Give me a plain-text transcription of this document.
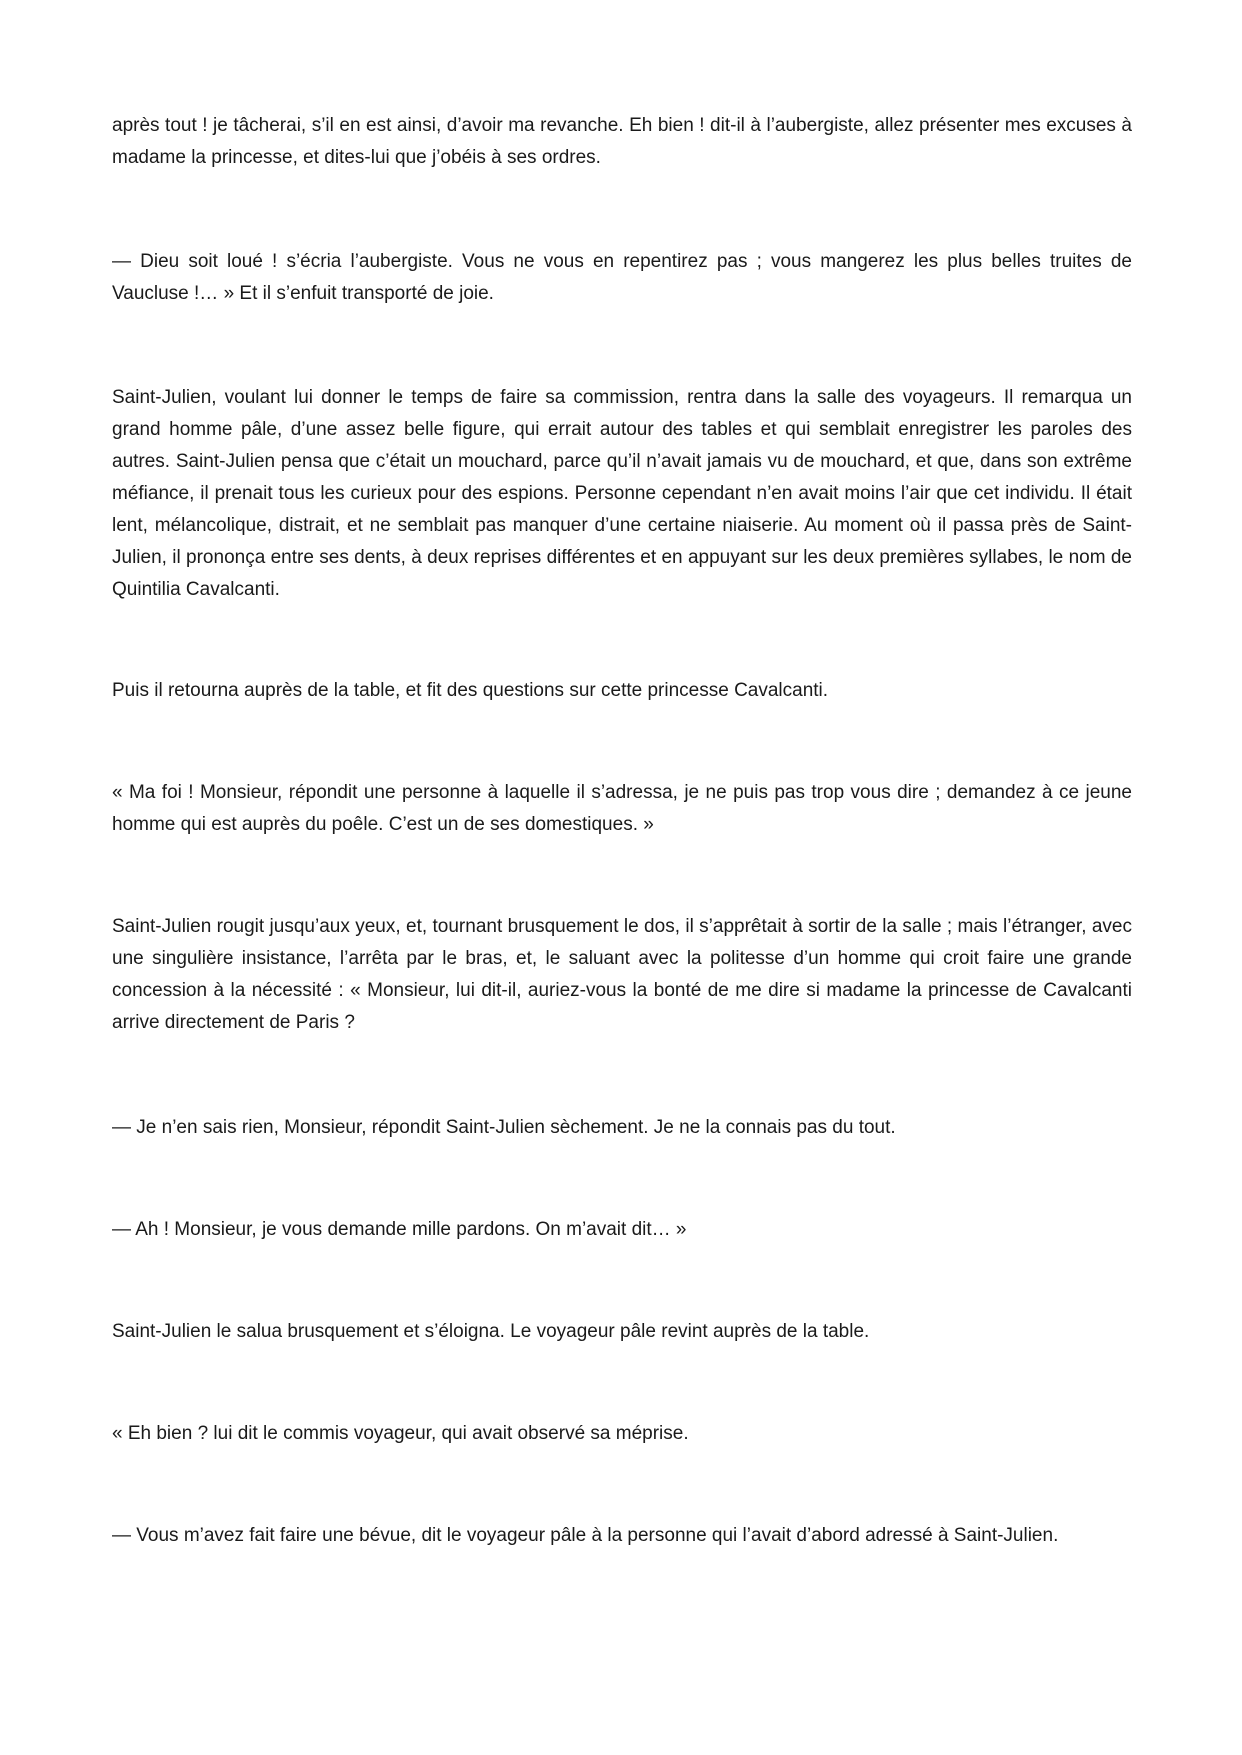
après tout ! je tâcherai, s’il en est ainsi, d’avoir ma revanche. Eh bien ! dit-il à l’aubergiste, allez présenter mes excuses à madame la princesse, et dites-lui que j’obéis à ses ordres.

— Dieu soit loué ! s’écria l’aubergiste. Vous ne vous en repentirez pas ; vous mangerez les plus belles truites de Vaucluse !… » Et il s’enfuit transporté de joie.

Saint-Julien, voulant lui donner le temps de faire sa commission, rentra dans la salle des voyageurs. Il remarqua un grand homme pâle, d’une assez belle figure, qui errait autour des tables et qui semblait enregistrer les paroles des autres. Saint-Julien pensa que c’était un mouchard, parce qu’il n’avait jamais vu de mouchard, et que, dans son extrême méfiance, il prenait tous les curieux pour des espions. Personne cependant n’en avait moins l’air que cet individu. Il était lent, mélancolique, distrait, et ne semblait pas manquer d’une certaine niaiserie. Au moment où il passa près de Saint-Julien, il prononça entre ses dents, à deux reprises différentes et en appuyant sur les deux premières syllabes, le nom de Quintilia Cavalcanti.

Puis il retourna auprès de la table, et fit des questions sur cette princesse Cavalcanti.

« Ma foi ! Monsieur, répondit une personne à laquelle il s’adressa, je ne puis pas trop vous dire ; demandez à ce jeune homme qui est auprès du poêle. C’est un de ses domestiques. »

Saint-Julien rougit jusqu’aux yeux, et, tournant brusquement le dos, il s’apprêtait à sortir de la salle ; mais l’étranger, avec une singulière insistance, l’arrêta par le bras, et, le saluant avec la politesse d’un homme qui croit faire une grande concession à la nécessité : « Monsieur, lui dit-il, auriez-vous la bonté de me dire si madame la princesse de Cavalcanti arrive directement de Paris ?

— Je n’en sais rien, Monsieur, répondit Saint-Julien sèchement. Je ne la connais pas du tout.

— Ah ! Monsieur, je vous demande mille pardons. On m’avait dit… »

Saint-Julien le salua brusquement et s’éloigna. Le voyageur pâle revint auprès de la table.

« Eh bien ? lui dit le commis voyageur, qui avait observé sa méprise.

— Vous m’avez fait faire une bévue, dit le voyageur pâle à la personne qui l’avait d’abord adressé à Saint-Julien.
